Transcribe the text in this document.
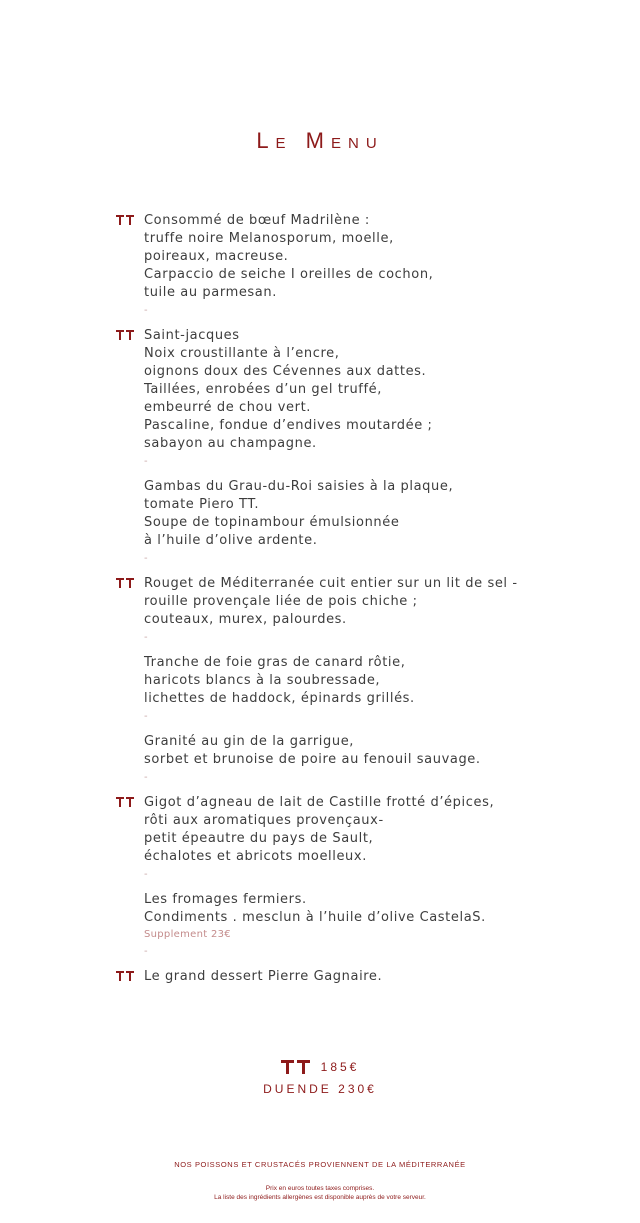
Le Menu
Consommé de bœuf Madrilène :
truffe noire Melanosporum, moelle,
poireaux, macreuse.
Carpaccio de seiche I oreilles de cochon,
tuile au parmesan.
-
Saint-jacques
Noix croustillante à l’encre,
oignons doux des Cévennes aux dattes.
Taillées, enrobées d’un gel truffé,
embeurré de chou vert.
Pascaline, fondue d’endives moutardée ;
sabayon au champagne.
-
Gambas du Grau-du-Roi saisies à la plaque,
tomate Piero TT.
Soupe de topinambour émulsionnée
à l’huile d’olive ardente.
-
Rouget de Méditerranée cuit entier sur un lit de sel -
rouille provençale liée de pois chiche ;
couteaux, murex, palourdes.
-
Tranche de foie gras de canard rôtie,
haricots blancs à la soubressade,
lichettes de haddock, épinards grillés.
-
Granité au gin de la garrigue,
sorbet et brunoise de poire au fenouil sauvage.
-
Gigot d’agneau de lait de Castille frotté d’épices,
rôti aux aromatiques provençaux-
petit épeautre du pays de Sault,
échalotes et abricots moelleux.
-
Les fromages fermiers.
Condiments . mesclun à l’huile d’olive CastelaS.
Supplement 23€
-
Le grand dessert Pierre Gagnaire.
185€
DUENDE 230€
NOS POISSONS ET CRUSTACÉS PROVIENNENT DE LA MÉDITERRANÉE
Prix en euros toutes taxes comprises.
La liste des ingrédients allergènes est disponible auprès de votre serveur.
